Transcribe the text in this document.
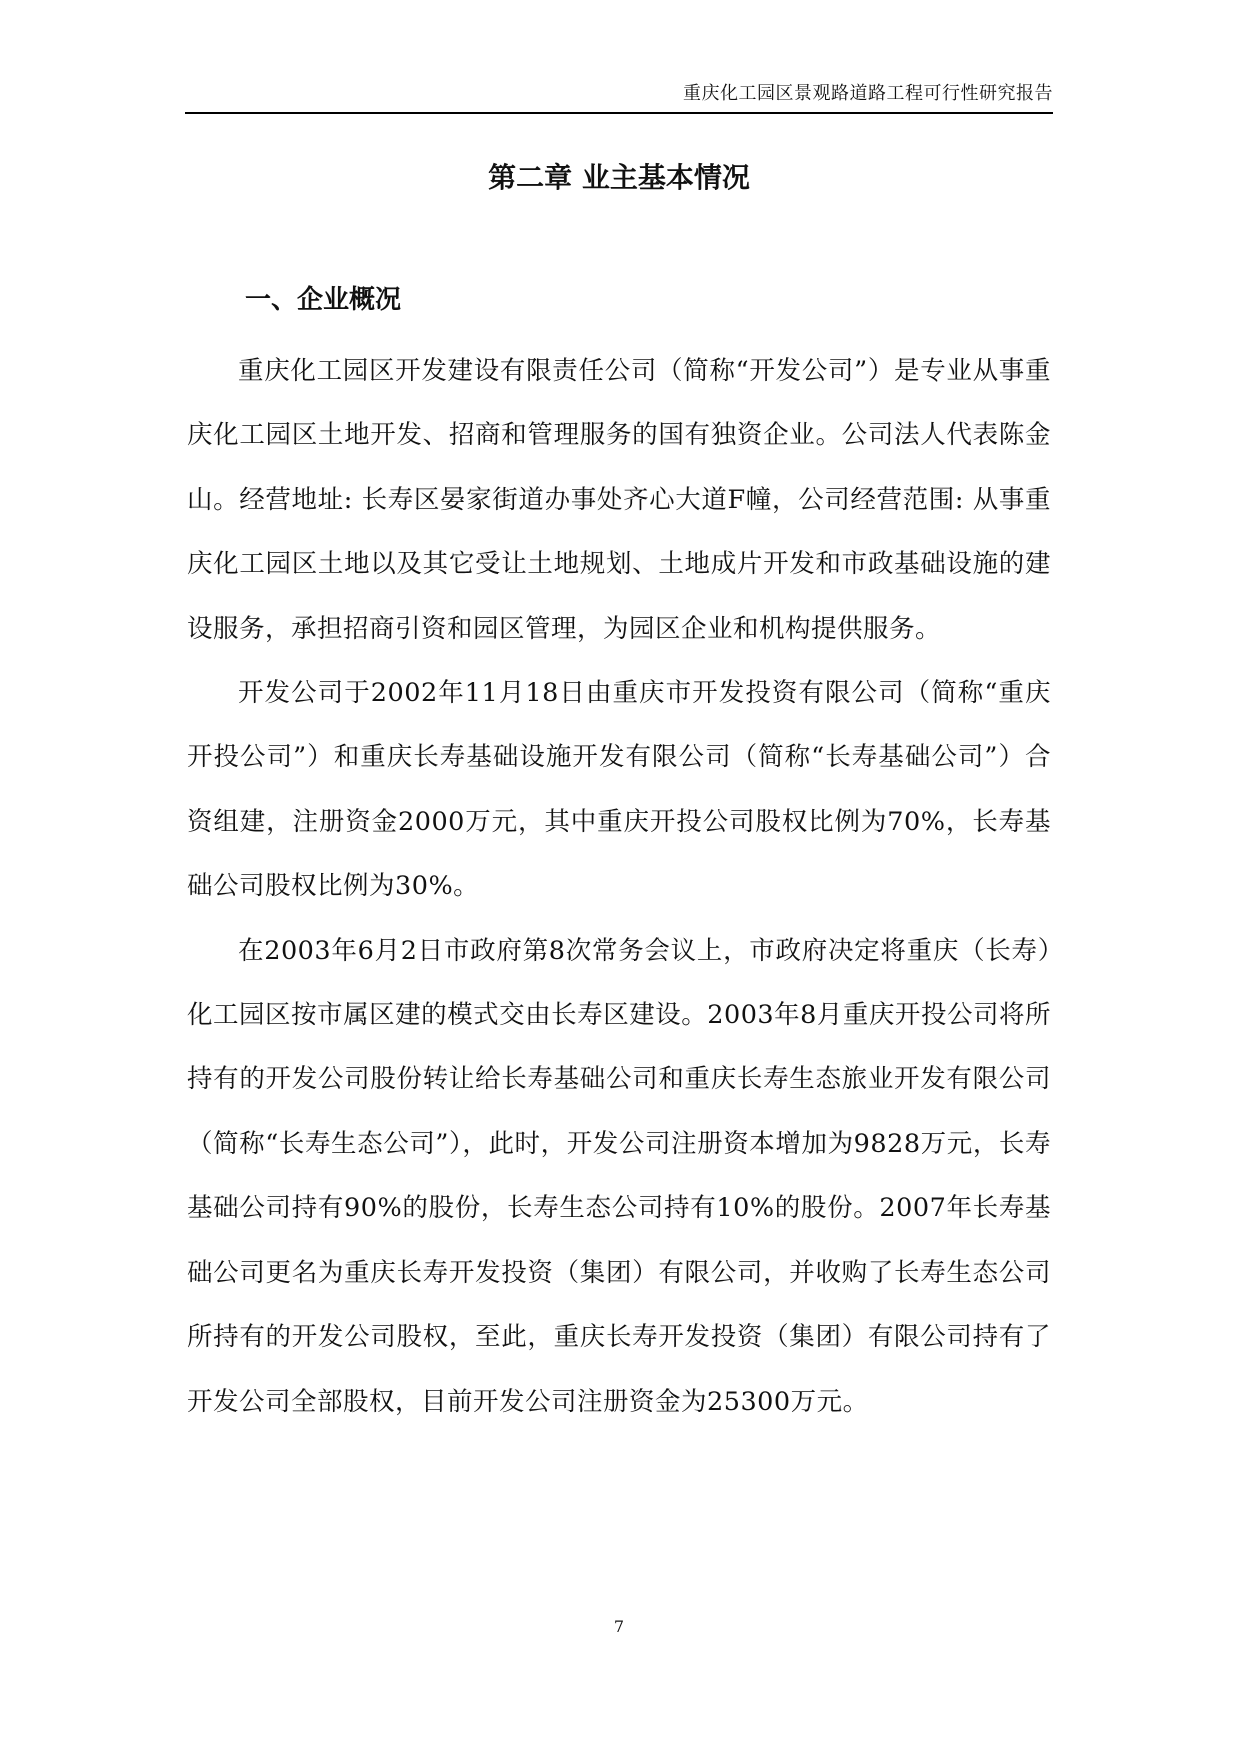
重庆化工园区景观路道路工程可行性研究报告
第二章 业主基本情况
一、企业概况

重庆化工园区开发建设有限责任公司（简称“开发公司”）是专业从事重庆化工园区土地开发、招商和管理服务的国有独资企业。公司法人代表陈金山。经营地址: 长寿区晏家街道办事处齐心大道F幢，公司经营范围: 从事重庆化工园区土地以及其它受让土地规划、土地成片开发和市政基础设施的建设服务，承担招商引资和园区管理，为园区企业和机构提供服务。

开发公司于2002年11月18日由重庆市开发投资有限公司（简称“重庆开投公司”）和重庆长寿基础设施开发有限公司（简称“长寿基础公司”）合资组建，注册资金2000万元，其中重庆开投公司股权比例为70%，长寿基础公司股权比例为30%。

在2003年6月2日市政府第8次常务会议上，市政府决定将重庆（长寿）化工园区按市属区建的模式交由长寿区建设。2003年8月重庆开投公司将所持有的开发公司股份转让给长寿基础公司和重庆长寿生态旅业开发有限公司（简称“长寿生态公司”），此时，开发公司注册资本增加为9828万元，长寿基础公司持有90%的股份，长寿生态公司持有10%的股份。2007年长寿基础公司更名为重庆长寿开发投资（集团）有限公司，并收购了长寿生态公司所持有的开发公司股权，至此，重庆长寿开发投资（集团）有限公司持有了开发公司全部股权，目前开发公司注册资金为25300万元。

7
